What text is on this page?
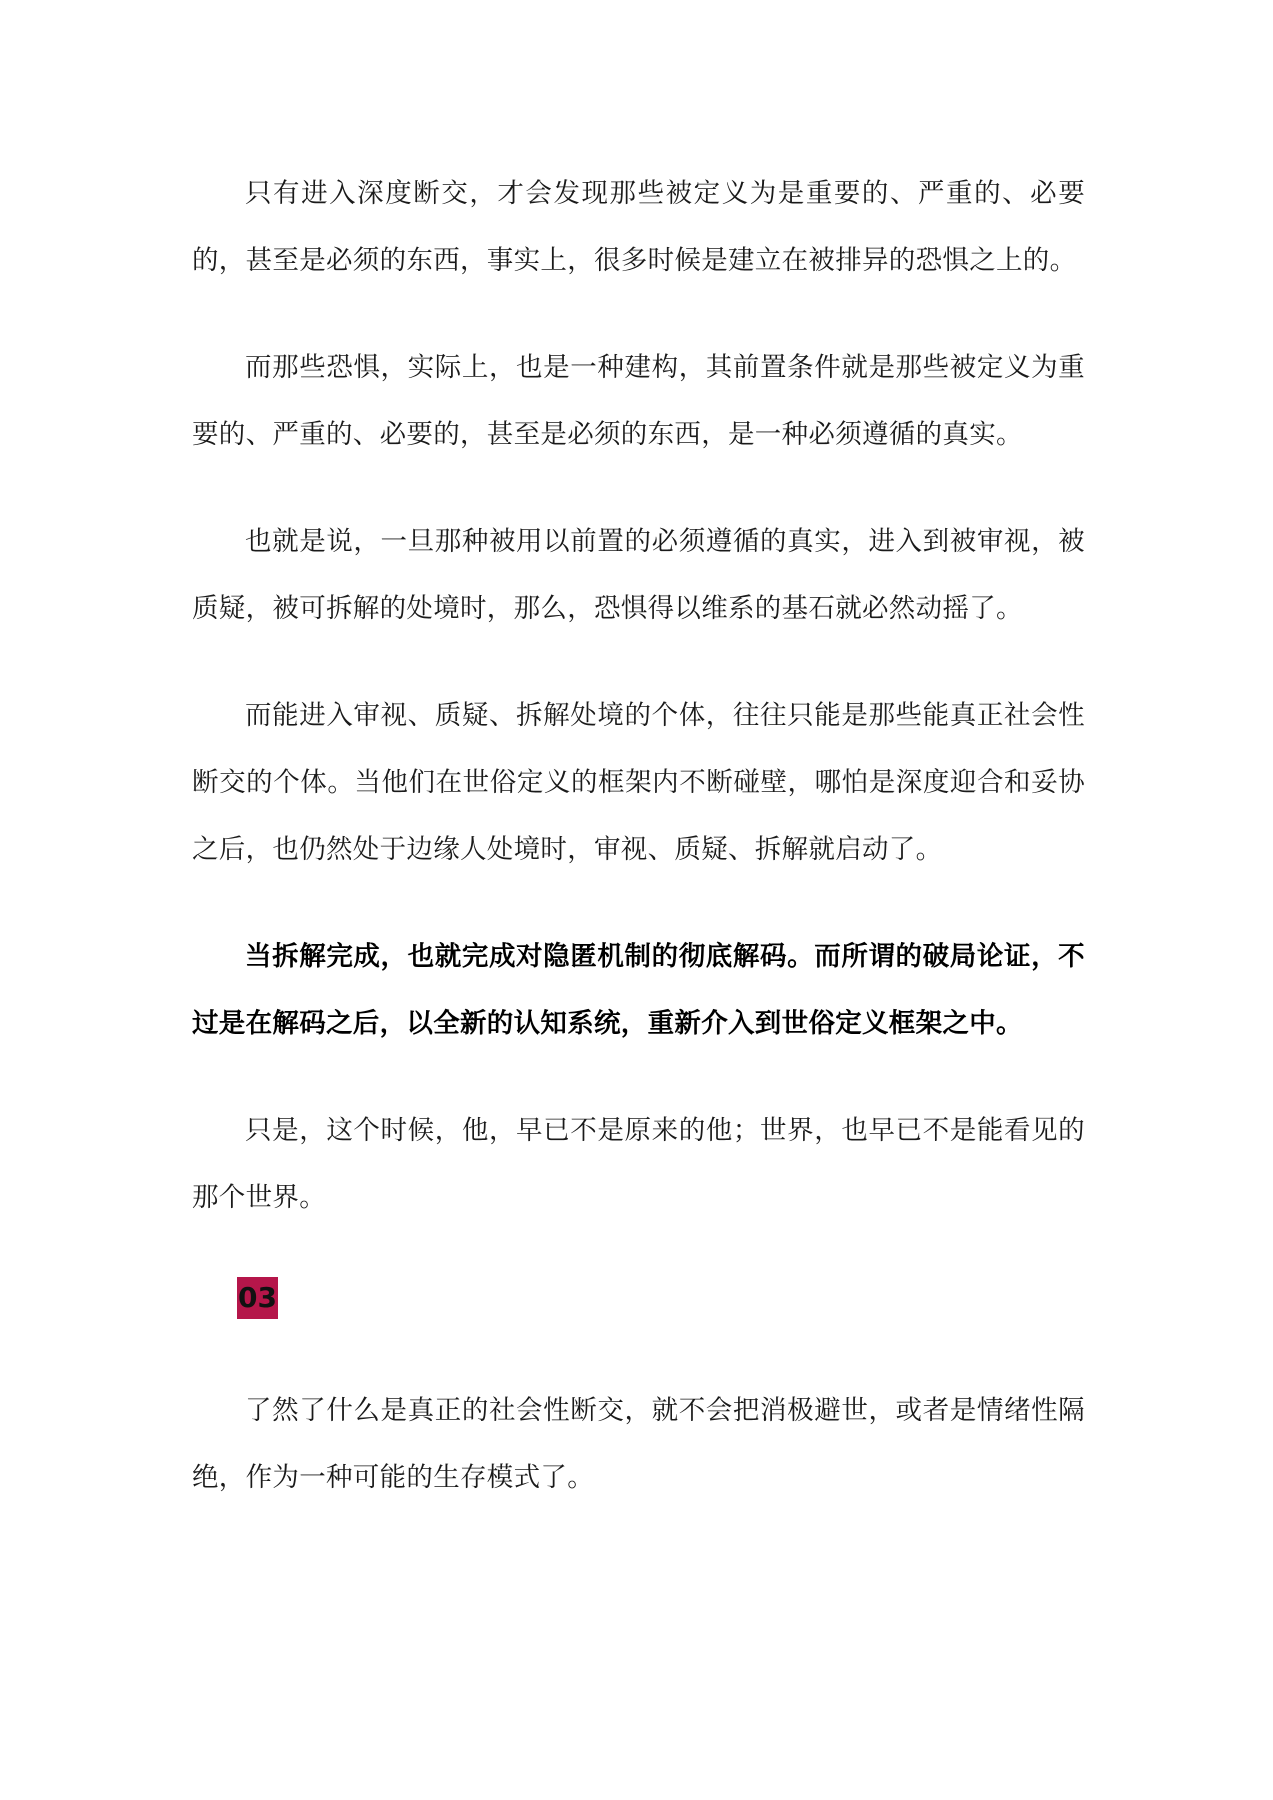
只有进入深度断交，才会发现那些被定义为是重要的、严重的、必要的，甚至是必须的东西，事实上，很多时候是建立在被排异的恐惧之上的。

而那些恐惧，实际上，也是一种建构，其前置条件就是那些被定义为重要的、严重的、必要的，甚至是必须的东西，是一种必须遵循的真实。

也就是说，一旦那种被用以前置的必须遵循的真实，进入到被审视，被质疑，被可拆解的处境时，那么，恐惧得以维系的基石就必然动摇了。

而能进入审视、质疑、拆解处境的个体，往往只能是那些能真正社会性断交的个体。当他们在世俗定义的框架内不断碰壁，哪怕是深度迎合和妥协之后，也仍然处于边缘人处境时，审视、质疑、拆解就启动了。

当拆解完成，也就完成对隐匿机制的彻底解码。而所谓的破局论证，不过是在解码之后，以全新的认知系统，重新介入到世俗定义框架之中。

只是，这个时候，他，早已不是原来的他；世界，也早已不是能看见的那个世界。

03

了然了什么是真正的社会性断交，就不会把消极避世，或者是情绪性隔绝，作为一种可能的生存模式了。
